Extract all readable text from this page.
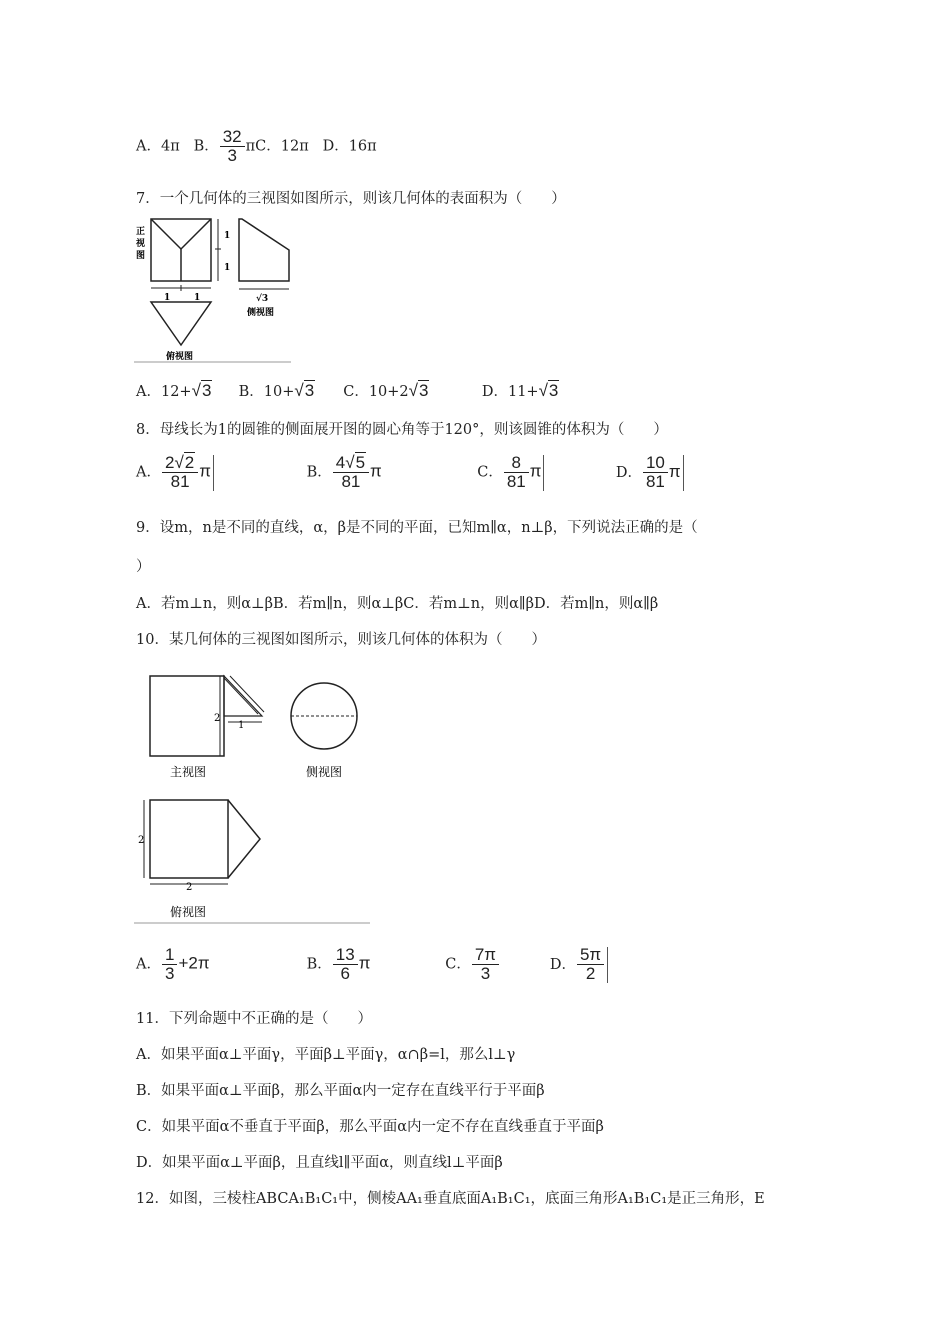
A．4π B． $\frac{32}{3}$ πC．12π D．16π
7．一个几何体的三视图如图所示，则该几何体的表面积为（　　）
正
视
图
1
1
1	1	√3
侧视图
俯视图
A．12+√3 B．10+√3 C．10+2√3	D．11+√3
8．母线长为1的圆锥的侧面展开图的圆心角等于120°，则该圆锥的体积为（　　）
A． $\frac{2√2}{81}$ π	B． $\frac{4√5}{81}$ π	C． $\frac{8}{81}$ π	D． $\frac{10}{81}$ π
9．设m，n是不同的直线，α，β是不同的平面，已知m∥α，n⊥β，下列说法正确的是（
）
A．若m⊥n，则α⊥βB．若m∥n，则α⊥βC．若m⊥n，则α∥βD．若m∥n，则α∥β
10．某几何体的三视图如图所示，则该几何体的体积为（　　）
2
1
主视图	侧视图
2
2
俯视图
A． $\frac{1}{3} +2\pi$	B． $\frac{13}{6}$ π	C． $\frac{7\pi}{3}$	D． $\frac{5\pi}{2}$
11．下列命题中不正确的是（　　）
A．如果平面α⊥平面γ，平面β⊥平面γ，α∩β=l，那么l⊥γ
B．如果平面α⊥平面β，那么平面α内一定存在直线平行于平面β
C．如果平面α不垂直于平面β，那么平面α内一定不存在直线垂直于平面β
D．如果平面α⊥平面β，且直线l∥平面α，则直线l⊥平面β
12．如图，三棱柱ABCA₁B₁C₁中，侧棱AA₁垂直底面A₁B₁C₁，底面三角形A₁B₁C₁是正三角形，E
